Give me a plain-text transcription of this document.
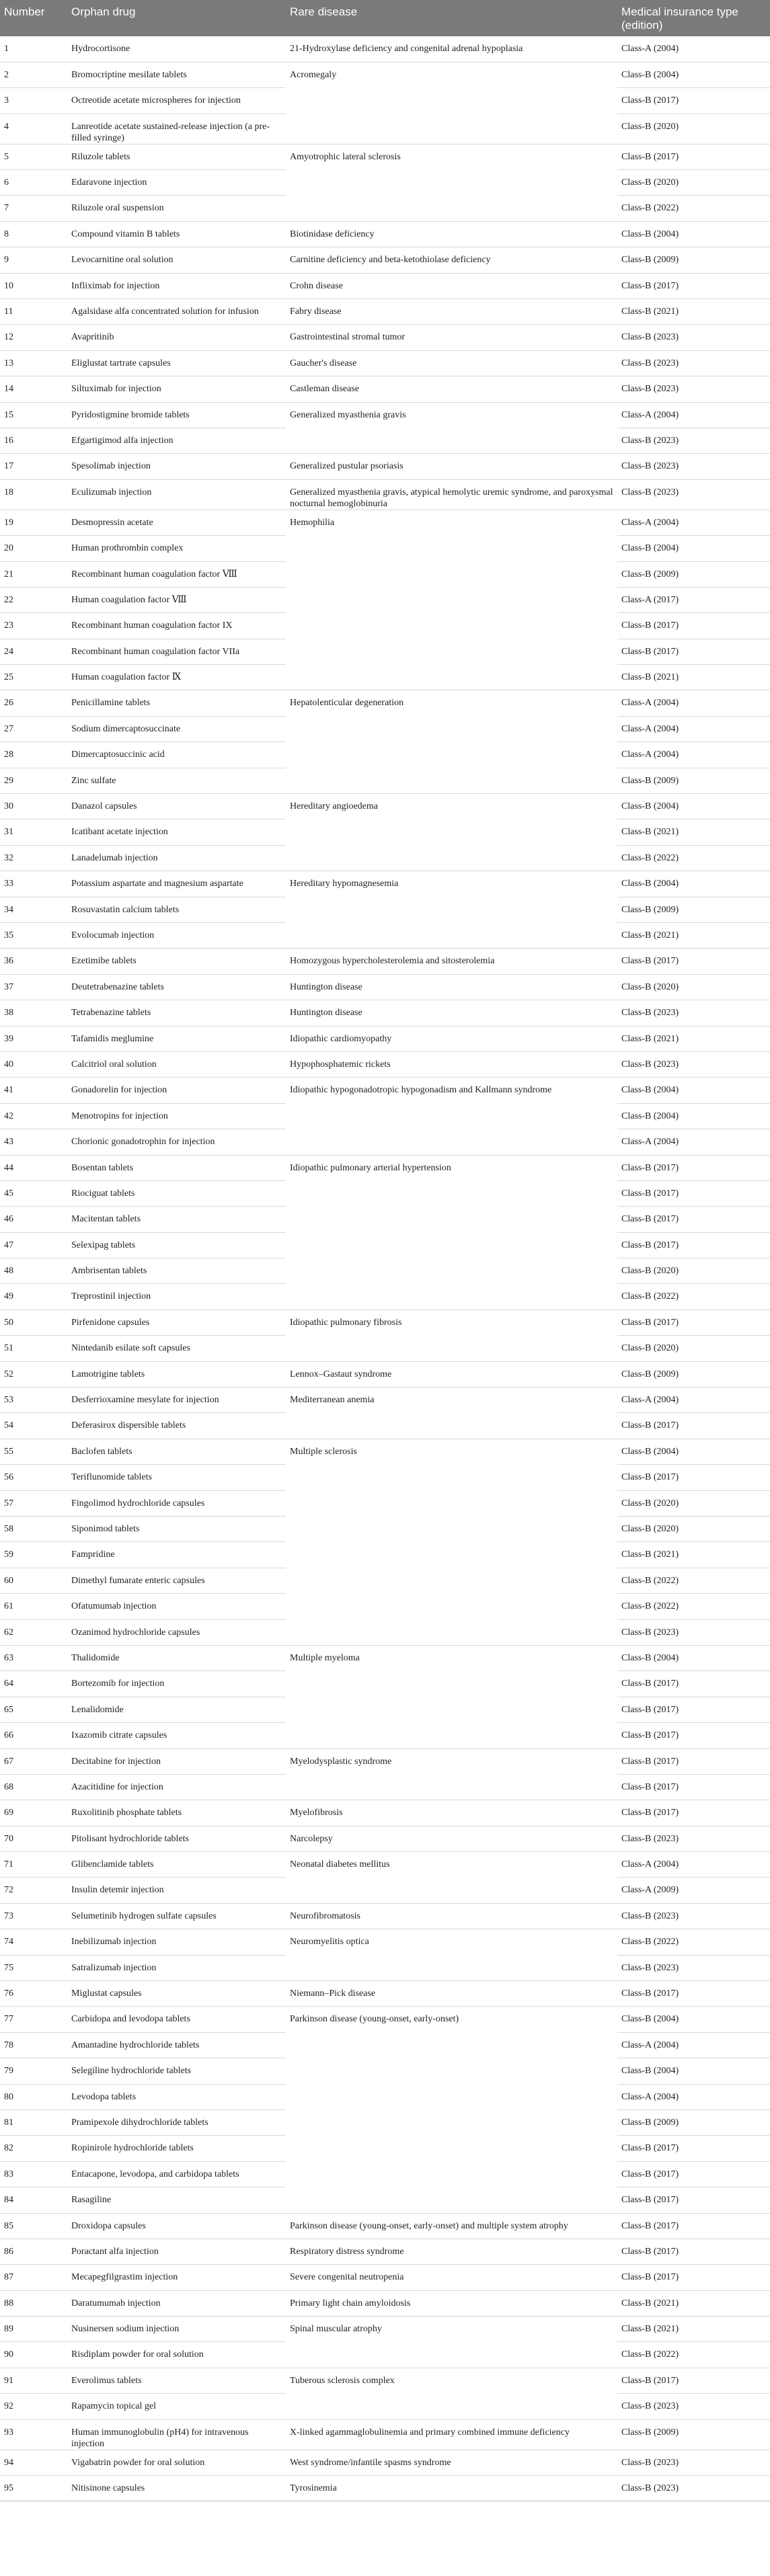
Number	Orphan drug	Rare disease	Medical insurance type (edition)
1	Hydrocortisone	21-Hydroxylase deficiency and congenital adrenal hypoplasia	Class-A (2004)
2	Bromocriptine mesilate tablets	Acromegaly	Class-B (2004)
3	Octreotide acetate microspheres for injection		Class-B (2017)
4	Lanreotide acetate sustained-release injection (a pre-filled syringe)		Class-B (2020)
5	Riluzole tablets	Amyotrophic lateral sclerosis	Class-B (2017)
6	Edaravone injection		Class-B (2020)
7	Riluzole oral suspension		Class-B (2022)
8	Compound vitamin B tablets	Biotinidase deficiency	Class-B (2004)
9	Levocarnitine oral solution	Carnitine deficiency and beta-ketothiolase deficiency	Class-B (2009)
10	Infliximab for injection	Crohn disease	Class-B (2017)
11	Agalsidase alfa concentrated solution for infusion	Fabry disease	Class-B (2021)
12	Avapritinib	Gastrointestinal stromal tumor	Class-B (2023)
13	Eliglustat tartrate capsules	Gaucher's disease	Class-B (2023)
14	Siltuximab for injection	Castleman disease	Class-B (2023)
15	Pyridostigmine bromide tablets	Generalized myasthenia gravis	Class-A (2004)
16	Efgartigimod alfa injection		Class-B (2023)
17	Spesolimab injection	Generalized pustular psoriasis	Class-B (2023)
18	Eculizumab injection	Generalized myasthenia gravis, atypical hemolytic uremic syndrome, and paroxysmal nocturnal hemoglobinuria	Class-B (2023)
19	Desmopressin acetate	Hemophilia	Class-A (2004)
20	Human prothrombin complex		Class-B (2004)
21	Recombinant human coagulation factor Ⅷ		Class-B (2009)
22	Human coagulation factor Ⅷ		Class-A (2017)
23	Recombinant human coagulation factor IX		Class-B (2017)
24	Recombinant human coagulation factor VIIa		Class-B (2017)
25	Human coagulation factor Ⅸ		Class-B (2021)
26	Penicillamine tablets	Hepatolenticular degeneration	Class-A (2004)
27	Sodium dimercaptosuccinate		Class-A (2004)
28	Dimercaptosuccinic acid		Class-A (2004)
29	Zinc sulfate		Class-B (2009)
30	Danazol capsules	Hereditary angioedema	Class-B (2004)
31	Icatibant acetate injection		Class-B (2021)
32	Lanadelumab injection		Class-B (2022)
33	Potassium aspartate and magnesium aspartate	Hereditary hypomagnesemia	Class-B (2004)
34	Rosuvastatin calcium tablets		Class-B (2009)
35	Evolocumab injection		Class-B (2021)
36	Ezetimibe tablets	Homozygous hypercholesterolemia and sitosterolemia	Class-B (2017)
37	Deutetrabenazine tablets	Huntington disease	Class-B (2020)
38	Tetrabenazine tablets	Huntington disease	Class-B (2023)
39	Tafamidis meglumine	Idiopathic cardiomyopathy	Class-B (2021)
40	Calcitriol oral solution	Hypophosphatemic rickets	Class-B (2023)
41	Gonadorelin for injection	Idiopathic hypogonadotropic hypogonadism and Kallmann syndrome	Class-B (2004)
42	Menotropins for injection		Class-B (2004)
43	Chorionic gonadotrophin for injection		Class-A (2004)
44	Bosentan tablets	Idiopathic pulmonary arterial hypertension	Class-B (2017)
45	Riociguat tablets		Class-B (2017)
46	Macitentan tablets		Class-B (2017)
47	Selexipag tablets		Class-B (2017)
48	Ambrisentan tablets		Class-B (2020)
49	Treprostinil injection		Class-B (2022)
50	Pirfenidone capsules	Idiopathic pulmonary fibrosis	Class-B (2017)
51	Nintedanib esilate soft capsules		Class-B (2020)
52	Lamotrigine tablets	Lennox–Gastaut syndrome	Class-B (2009)
53	Desferrioxamine mesylate for injection	Mediterranean anemia	Class-A (2004)
54	Deferasirox dispersible tablets		Class-B (2017)
55	Baclofen tablets	Multiple sclerosis	Class-B (2004)
56	Teriflunomide tablets		Class-B (2017)
57	Fingolimod hydrochloride capsules		Class-B (2020)
58	Siponimod tablets		Class-B (2020)
59	Fampridine		Class-B (2021)
60	Dimethyl fumarate enteric capsules		Class-B (2022)
61	Ofatumumab injection		Class-B (2022)
62	Ozanimod hydrochloride capsules		Class-B (2023)
63	Thalidomide	Multiple myeloma	Class-B (2004)
64	Bortezomib for injection		Class-B (2017)
65	Lenalidomide		Class-B (2017)
66	Ixazomib citrate capsules		Class-B (2017)
67	Decitabine for injection	Myelodysplastic syndrome	Class-B (2017)
68	Azacitidine for injection		Class-B (2017)
69	Ruxolitinib phosphate tablets	Myelofibrosis	Class-B (2017)
70	Pitolisant hydrochloride tablets	Narcolepsy	Class-B (2023)
71	Glibenclamide tablets	Neonatal diabetes mellitus	Class-A (2004)
72	Insulin detemir injection		Class-A (2009)
73	Selumetinib hydrogen sulfate capsules	Neurofibromatosis	Class-B (2023)
74	Inebilizumab injection	Neuromyelitis optica	Class-B (2022)
75	Satralizumab injection		Class-B (2023)
76	Miglustat capsules	Niemann–Pick disease	Class-B (2017)
77	Carbidopa and levodopa tablets	Parkinson disease (young-onset, early-onset)	Class-B (2004)
78	Amantadine hydrochloride tablets		Class-A (2004)
79	Selegiline hydrochloride tablets		Class-B (2004)
80	Levodopa tablets		Class-A (2004)
81	Pramipexole dihydrochloride tablets		Class-B (2009)
82	Ropinirole hydrochloride tablets		Class-B (2017)
83	Entacapone, levodopa, and carbidopa tablets		Class-B (2017)
84	Rasagiline		Class-B (2017)
85	Droxidopa capsules	Parkinson disease (young-onset, early-onset) and multiple system atrophy	Class-B (2017)
86	Poractant alfa injection	Respiratory distress syndrome	Class-B (2017)
87	Mecapegfilgrastim injection	Severe congenital neutropenia	Class-B (2017)
88	Daratumumab injection	Primary light chain amyloidosis	Class-B (2021)
89	Nusinersen sodium injection	Spinal muscular atrophy	Class-B (2021)
90	Risdiplam powder for oral solution		Class-B (2022)
91	Everolimus tablets	Tuberous sclerosis complex	Class-B (2017)
92	Rapamycin topical gel		Class-B (2023)
93	Human immunoglobulin (pH4) for intravenous injection	X-linked agammaglobulinemia and primary combined immune deficiency	Class-B (2009)
94	Vigabatrin powder for oral solution	West syndrome/infantile spasms syndrome	Class-B (2023)
95	Nitisinone capsules	Tyrosinemia	Class-B (2023)
